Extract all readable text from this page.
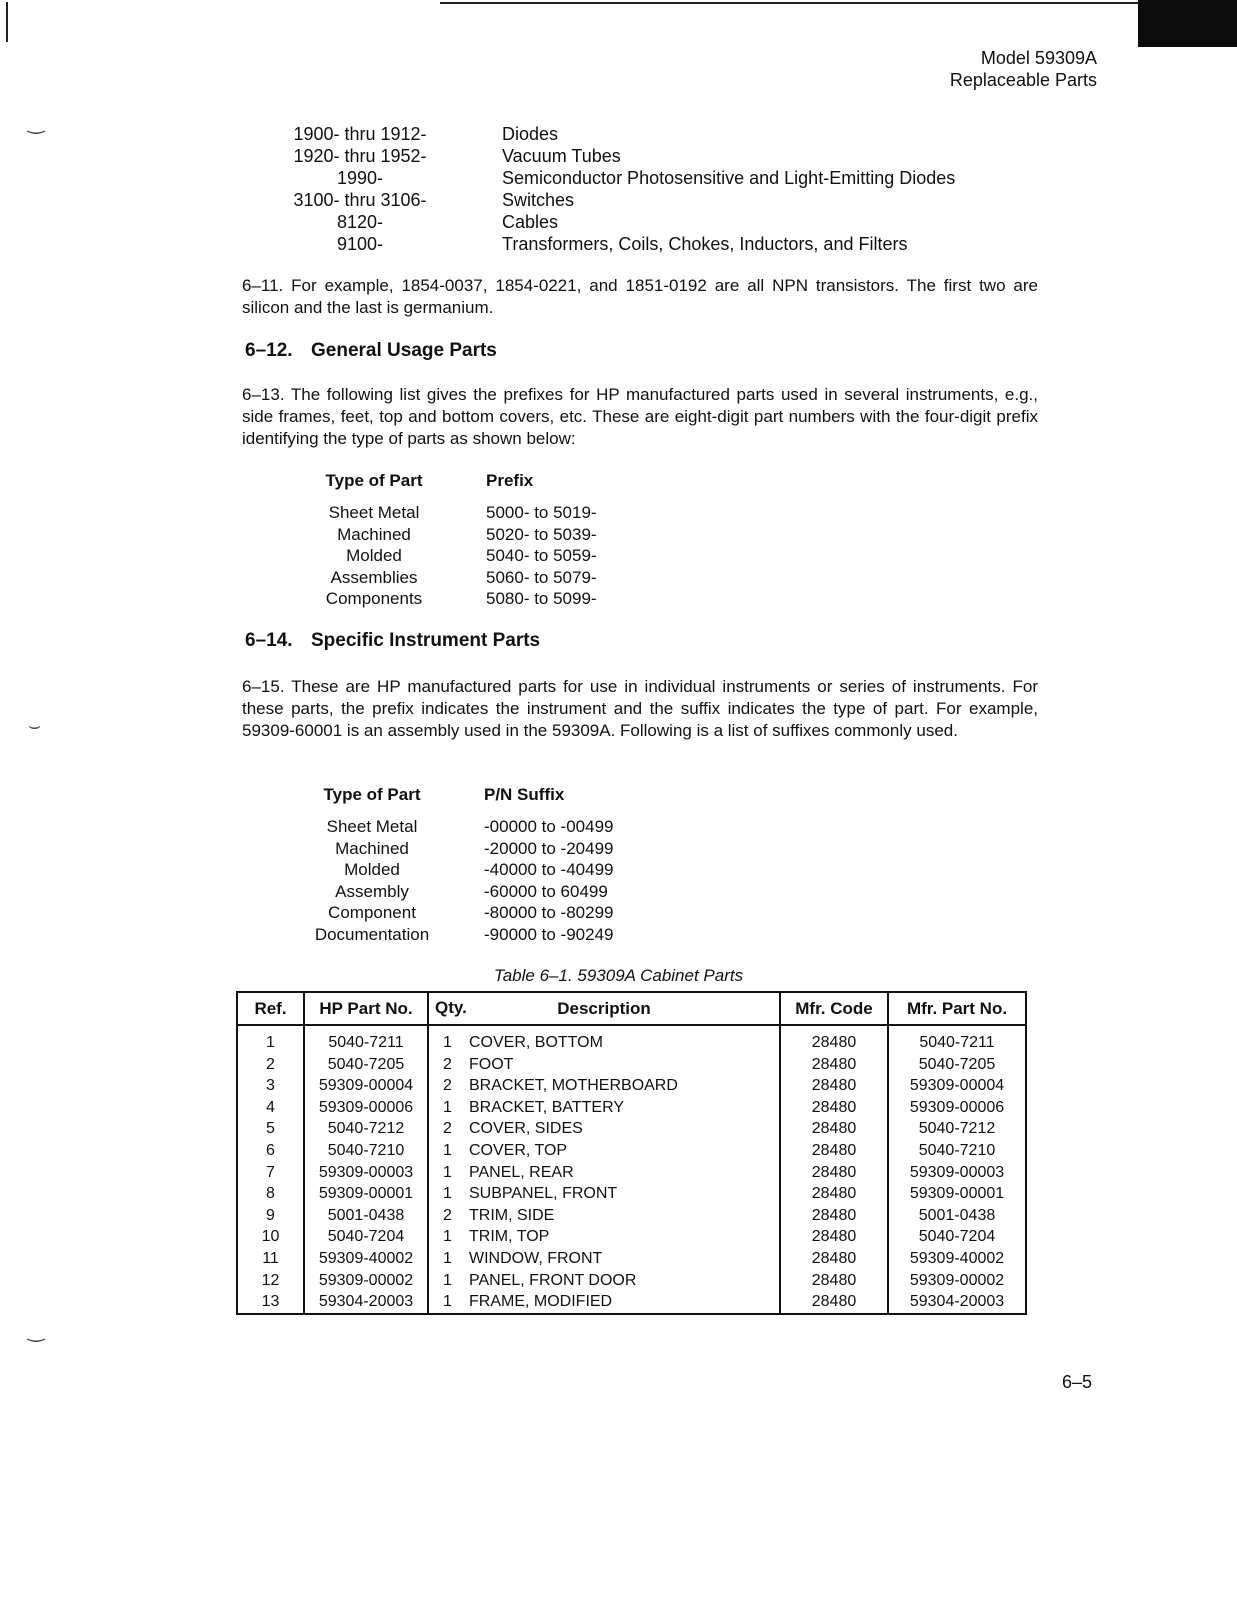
‿
⌣
‿
Model 59309A
Replaceable Parts
1900- thru 1912-	Diodes
1920- thru 1952-	Vacuum Tubes
1990-	Semiconductor Photosensitive and Light-Emitting Diodes
3100- thru 3106-	Switches
8120-	Cables
9100-	Transformers, Coils, Chokes, Inductors, and Filters
6–11. For example, 1854-0037, 1854-0221, and 1851-0192 are all NPN transistors. The first two are silicon and the last is germanium.
6–12. General Usage Parts
6–13. The following list gives the prefixes for HP manufactured parts used in several instruments, e.g., side frames, feet, top and bottom covers, etc. These are eight-digit part numbers with the four-digit prefix identifying the type of parts as shown below:
Type of Part	Prefix
Sheet Metal	5000- to 5019-
Machined	5020- to 5039-
Molded	5040- to 5059-
Assemblies	5060- to 5079-
Components	5080- to 5099-
6–14. Specific Instrument Parts
6–15. These are HP manufactured parts for use in individual instruments or series of instruments. For these parts, the prefix indicates the instrument and the suffix indicates the type of part. For example, 59309-60001 is an assembly used in the 59309A. Following is a list of suffixes commonly used.
Type of Part	P/N Suffix
Sheet Metal	-00000 to -00499
Machined	-20000 to -20499
Molded	-40000 to -40499
Assembly	-60000 to 60499
Component	-80000 to -80299
Documentation	-90000 to -90249
Table 6–1. 59309A Cabinet Parts
Ref.	HP Part No.	Qty. Description	Mfr. Code	Mfr. Part No.
1	5040-7211	1 COVER, BOTTOM	28480	5040-7211
2	5040-7205	2 FOOT	28480	5040-7205
3	59309-00004	2 BRACKET, MOTHERBOARD	28480	59309-00004
4	59309-00006	1 BRACKET, BATTERY	28480	59309-00006
5	5040-7212	2 COVER, SIDES	28480	5040-7212
6	5040-7210	1 COVER, TOP	28480	5040-7210
7	59309-00003	1 PANEL, REAR	28480	59309-00003
8	59309-00001	1 SUBPANEL, FRONT	28480	59309-00001
9	5001-0438	2 TRIM, SIDE	28480	5001-0438
10	5040-7204	1 TRIM, TOP	28480	5040-7204
11	59309-40002	1 WINDOW, FRONT	28480	59309-40002
12	59309-00002	1 PANEL, FRONT DOOR	28480	59309-00002
13	59304-20003	1 FRAME, MODIFIED	28480	59304-20003
6–5
